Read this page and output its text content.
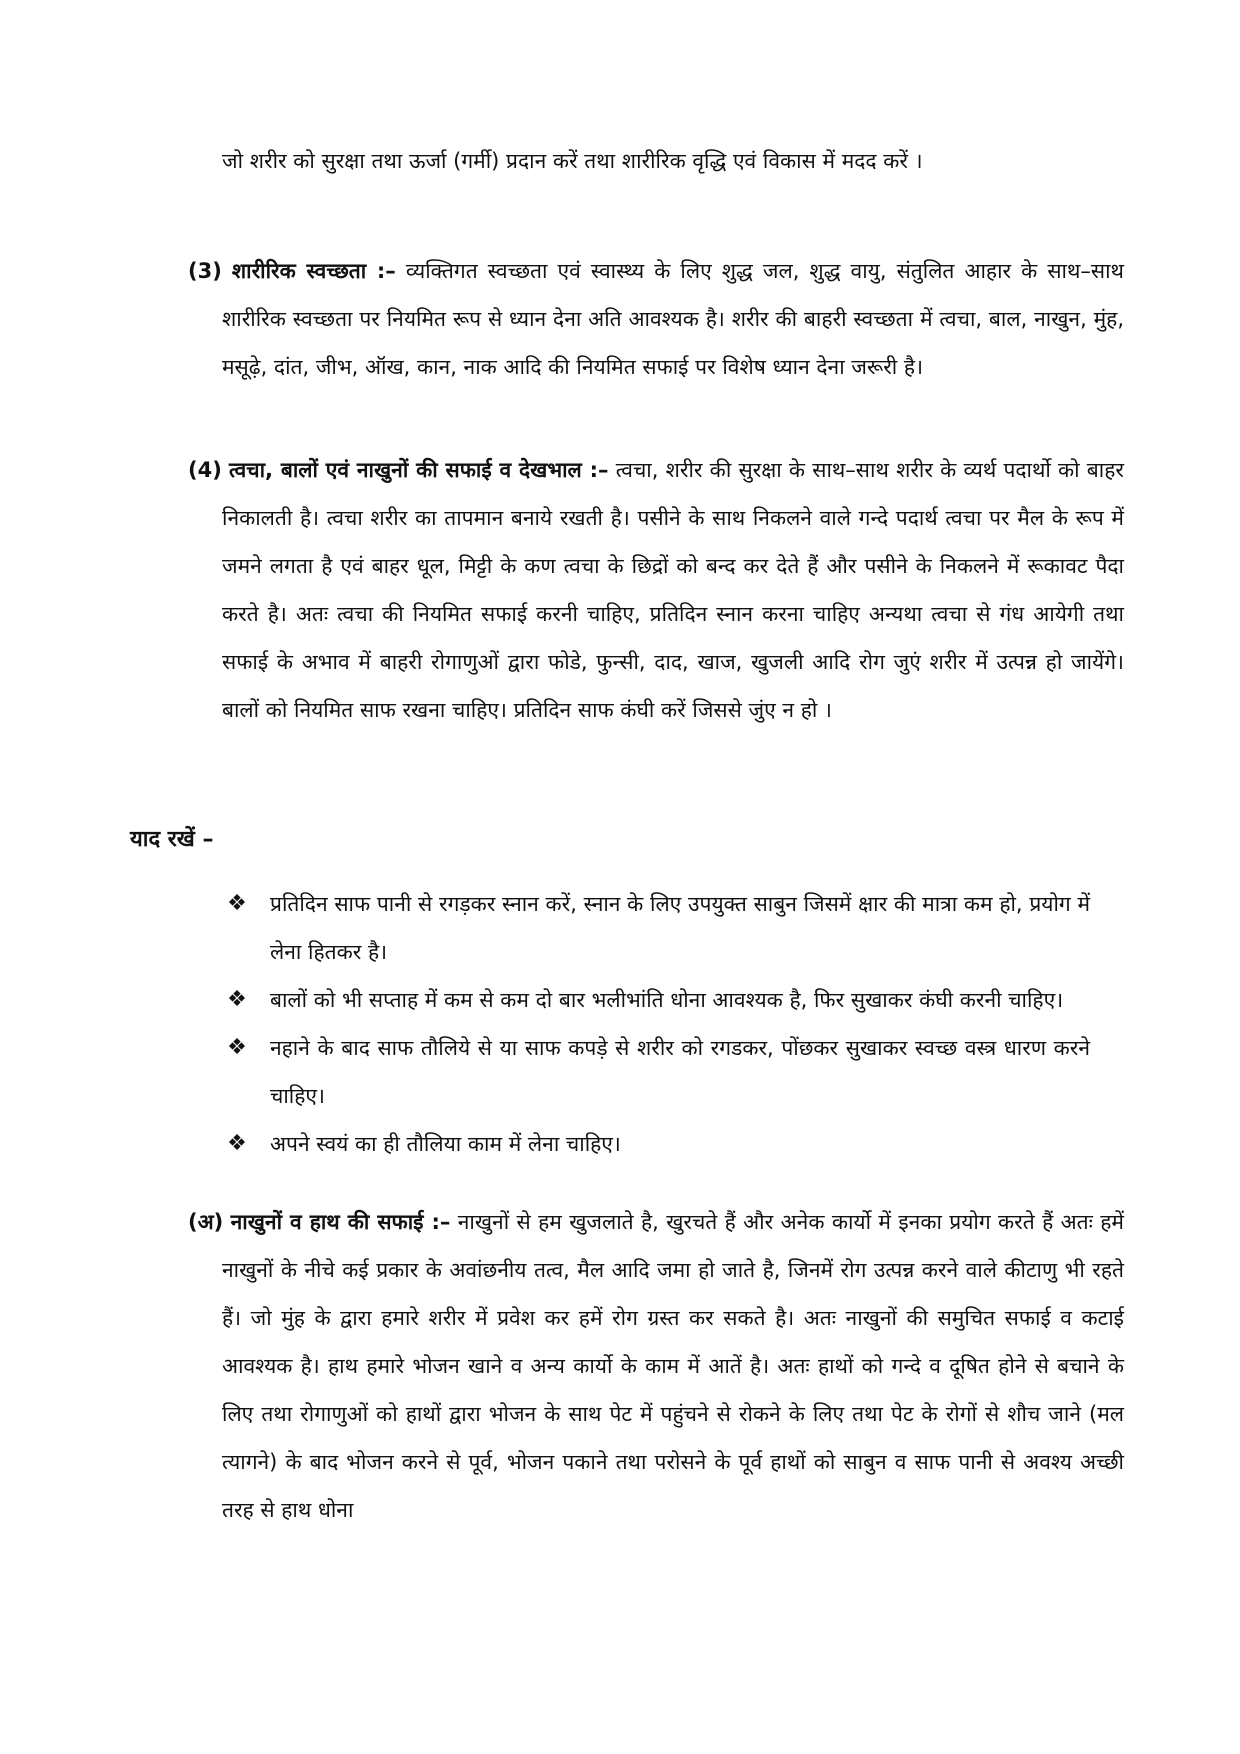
जो शरीर को सुरक्षा तथा ऊर्जा (गर्मी) प्रदान करें तथा शारीरिक वृद्धि एवं विकास में मदद करें ।

(3) शारीरिक स्वच्छता :– व्यक्तिगत स्वच्छता एवं स्वास्थ्य के लिए शुद्ध जल, शुद्ध वायु, संतुलित आहार के साथ–साथ शारीरिक स्वच्छता पर नियमित रूप से ध्यान देना अति आवश्यक है। शरीर की बाहरी स्वच्छता में त्वचा, बाल, नाखुन, मुंह, मसूढ़े, दांत, जीभ, ऑख, कान, नाक आदि की नियमित सफाई पर विशेष ध्यान देना जरूरी है।

(4) त्वचा, बालों एवं नाखुनों की सफाई व देखभाल :– त्वचा, शरीर की सुरक्षा के साथ–साथ शरीर के व्यर्थ पदार्थो को बाहर निकालती है। त्वचा शरीर का तापमान बनाये रखती है। पसीने के साथ निकलने वाले गन्दे पदार्थ त्वचा पर मैल के रूप में जमने लगता है एवं बाहर धूल, मिट्टी के कण त्वचा के छिद्रों को बन्द कर देते हैं और पसीने के निकलने में रूकावट पैदा करते है। अतः त्वचा की नियमित सफाई करनी चाहिए, प्रतिदिन स्नान करना चाहिए अन्यथा त्वचा से गंध आयेगी तथा सफाई के अभाव में बाहरी रोगाणुओं द्वारा फोडे, फुन्सी, दाद, खाज, खुजली आदि रोग जुएं शरीर में उत्पन्न हो जायेंगे। बालों को नियमित साफ रखना चाहिए। प्रतिदिन साफ कंघी करें जिससे जुंए न हो ।

याद रखें –
❖ प्रतिदिन साफ पानी से रगड़कर स्नान करें, स्नान के लिए उपयुक्त साबुन जिसमें क्षार की मात्रा कम हो, प्रयोग में लेना हितकर है।
❖ बालों को भी सप्ताह में कम से कम दो बार भलीभांति धोना आवश्यक है, फिर सुखाकर कंघी करनी चाहिए।
❖ नहाने के बाद साफ तौलिये से या साफ कपड़े से शरीर को रगडकर, पोंछकर सुखाकर स्वच्छ वस्त्र धारण करने चाहिए।
❖ अपने स्वयं का ही तौलिया काम में लेना चाहिए।

(अ) नाखुनों व हाथ की सफाई :– नाखुनों से हम खुजलाते है, खुरचते हैं और अनेक कार्यो में इनका प्रयोग करते हैं अतः हमें नाखुनों के नीचे कई प्रकार के अवांछनीय तत्व, मैल आदि जमा हो जाते है, जिनमें रोग उत्पन्न करने वाले कीटाणु भी रहते हैं। जो मुंह के द्वारा हमारे शरीर में प्रवेश कर हमें रोग ग्रस्त कर सकते है। अतः नाखुनों की समुचित सफाई व कटाई आवश्यक है। हाथ हमारे भोजन खाने व अन्य कार्यो के काम में आतें है। अतः हाथों को गन्दे व दूषित होने से बचाने के लिए तथा रोगाणुओं को हाथों द्वारा भोजन के साथ पेट में पहुंचने से रोकने के लिए तथा पेट के रोगों से शौच जाने (मल त्यागने) के बाद भोजन करने से पूर्व, भोजन पकाने तथा परोसने के पूर्व हाथों को साबुन व साफ पानी से अवश्य अच्छी तरह से हाथ धोना
